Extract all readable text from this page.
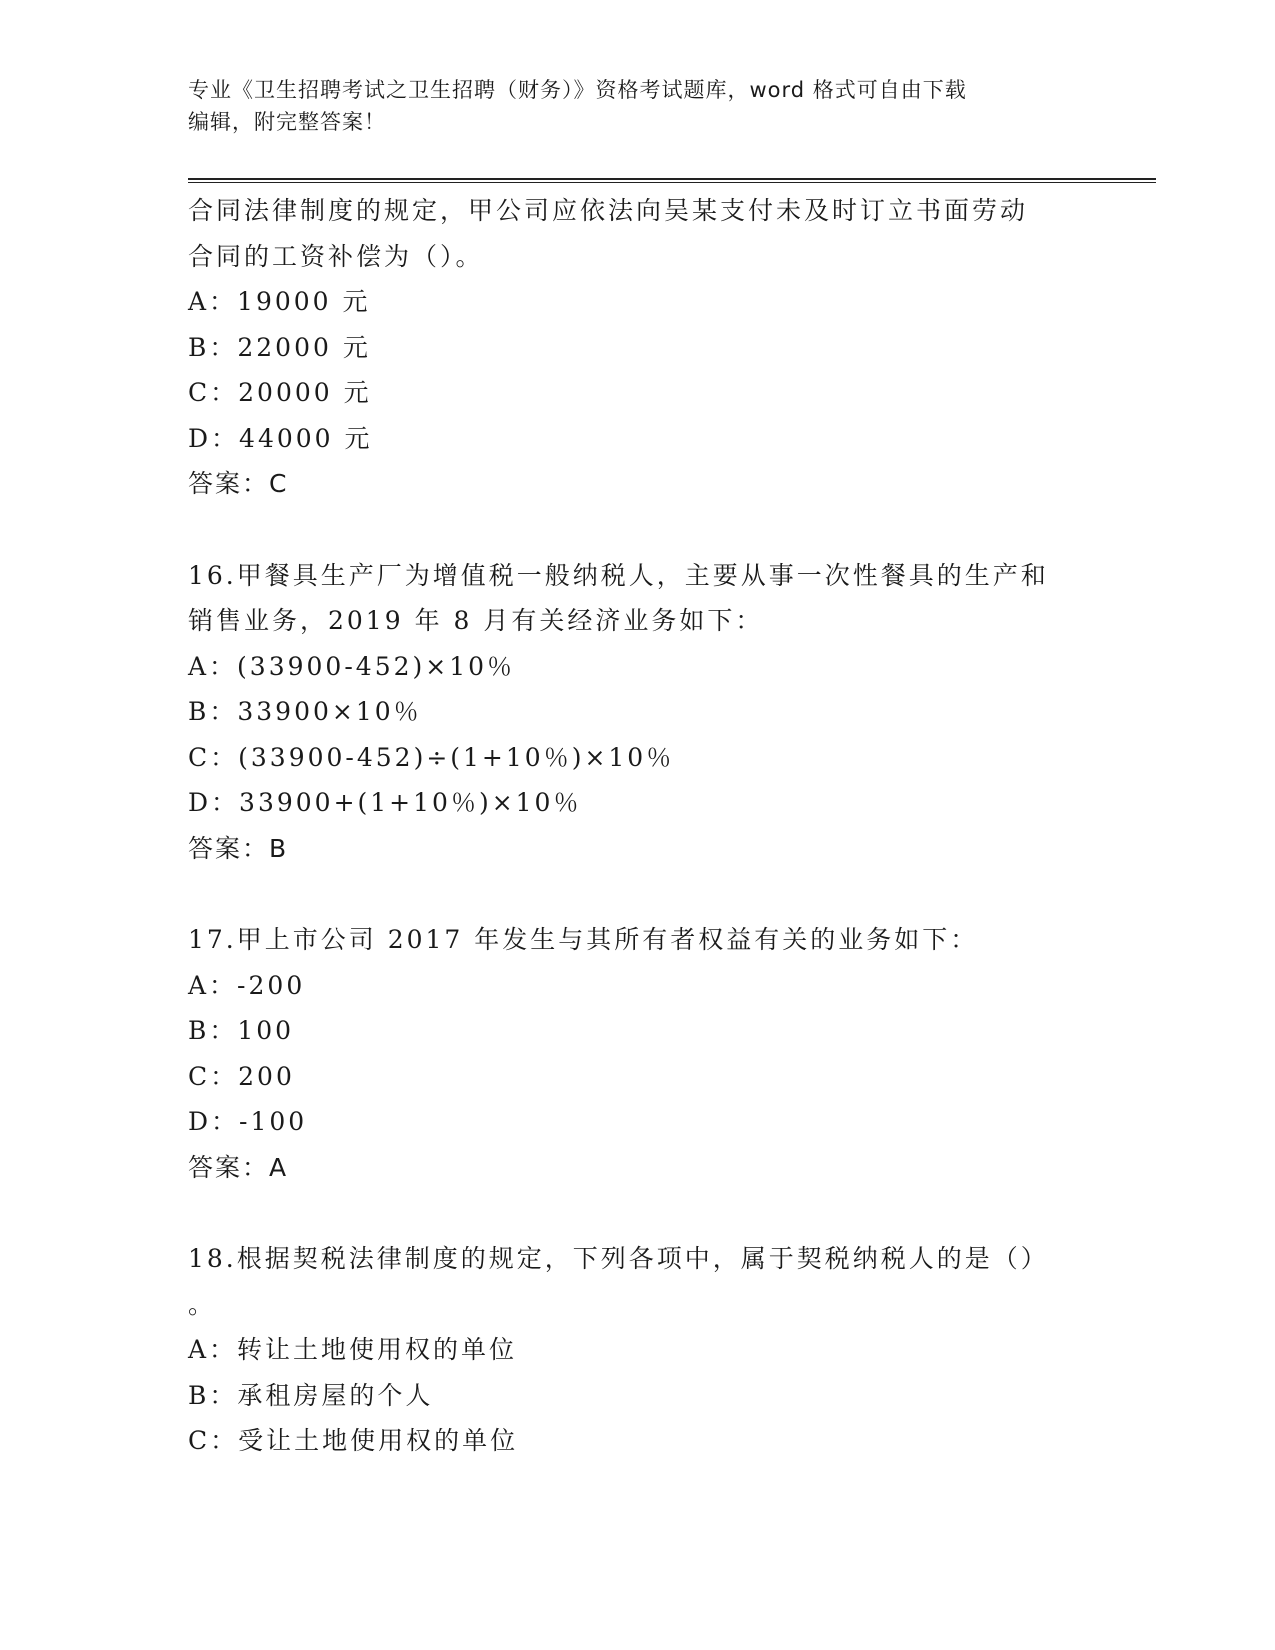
专业《卫生招聘考试之卫生招聘（财务）》资格考试题库，word 格式可自由下载
编辑，附完整答案！
合同法律制度的规定，甲公司应依法向吴某支付未及时订立书面劳动
合同的工资补偿为（）。
A：19000 元
B：22000 元
C：20000 元
D：44000 元
答案：C
16.甲餐具生产厂为增值税一般纳税人，主要从事一次性餐具的生产和
销售业务，2019 年 8 月有关经济业务如下：
A：(33900-452)×10％
B：33900×10％
C：(33900-452)÷(1+10％)×10％
D：33900+(1+10％)×10％
答案：B
17.甲上市公司 2017 年发生与其所有者权益有关的业务如下：
A：-200
B：100
C：200
D：-100
答案：A
18.根据契税法律制度的规定，下列各项中，属于契税纳税人的是（）
。
A：转让土地使用权的单位
B：承租房屋的个人
C：受让土地使用权的单位
